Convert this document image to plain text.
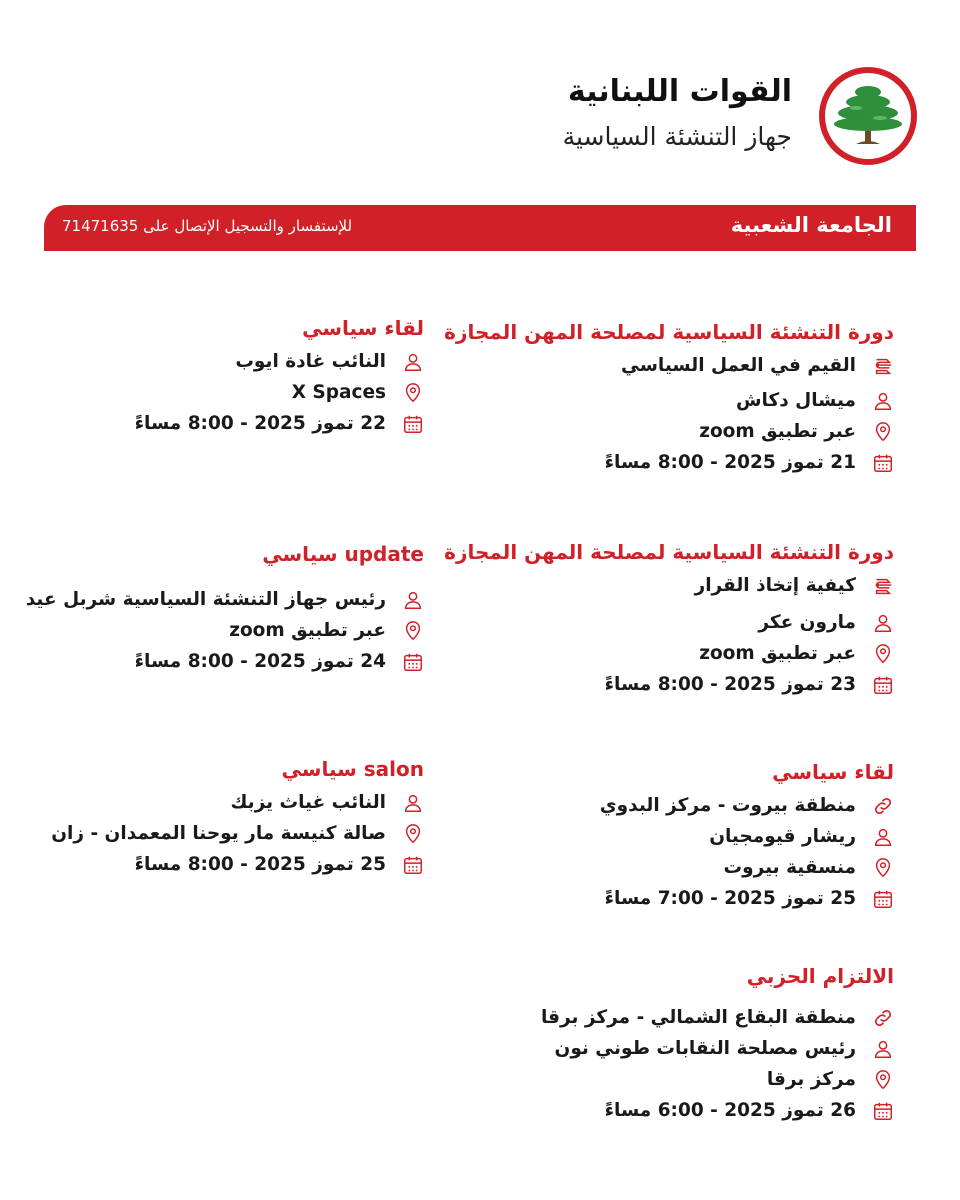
القوات اللبنانية
جهاز التنشئة السياسية
الجامعة الشعبية
للإستفسار والتسجيل الإتصال على 71471635
دورة التنشئة السياسية لمصلحة المهن المجازة
القيم في العمل السياسي
ميشال دكاش
عبر تطبيق zoom
21 تموز 2025 - 8:00 مساءً
لقاء سياسي
النائب غادة ايوب
X Spaces
22 تموز 2025 - 8:00 مساءً
دورة التنشئة السياسية لمصلحة المهن المجازة
كيفية إتخاذ القرار
مارون عكر
عبر تطبيق zoom
23 تموز 2025 - 8:00 مساءً
update سياسي
رئيس جهاز التنشئة السياسية شربل عيد
عبر تطبيق zoom
24 تموز 2025 - 8:00 مساءً
لقاء سياسي
منطقة بيروت - مركز البدوي
ريشار قيومجيان
منسقية بيروت
25 تموز 2025 - 7:00 مساءً
salon سياسي
النائب غياث يزبك
صالة كنيسة مار يوحنا المعمدان - زان
25 تموز 2025 - 8:00 مساءً
الالتزام الحزبي
منطقة البقاع الشمالي - مركز برقا
رئيس مصلحة النقابات طوني نون
مركز برقا
26 تموز 2025 - 6:00 مساءً
